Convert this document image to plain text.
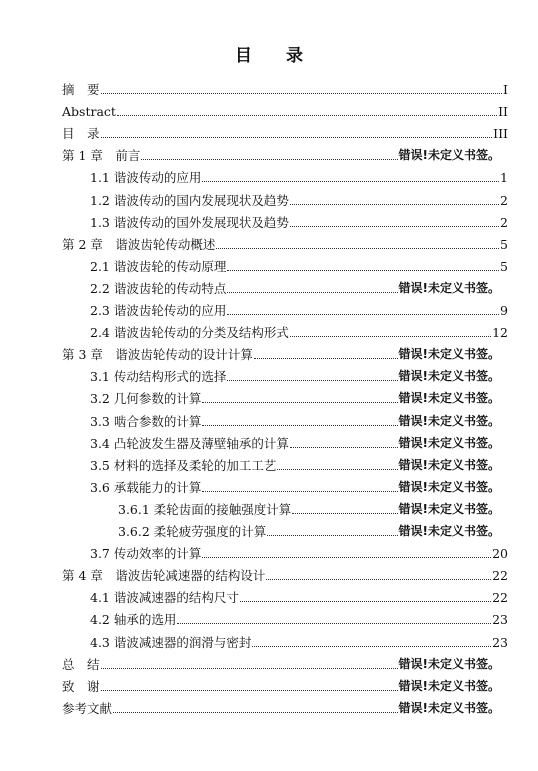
目 录
摘　要	I
Abstract	II
目　录	III
第 1 章　前言	错误!未定义书签。
1.1 谐波传动的应用	1
1.2 谐波传动的国内发展现状及趋势	2
1.3 谐波传动的国外发展现状及趋势	2
第 2 章　谐波齿轮传动概述	5
2.1 谐波齿轮的传动原理	5
2.2 谐波齿轮的传动特点	错误!未定义书签。
2.3 谐波齿轮传动的应用	9
2.4 谐波齿轮传动的分类及结构形式	12
第 3 章　谐波齿轮传动的设计计算	错误!未定义书签。
3.1 传动结构形式的选择	错误!未定义书签。
3.2 几何参数的计算	错误!未定义书签。
3.3 啮合参数的计算	错误!未定义书签。
3.4 凸轮波发生器及薄壁轴承的计算	错误!未定义书签。
3.5 材料的选择及柔轮的加工工艺	错误!未定义书签。
3.6 承载能力的计算	错误!未定义书签。
3.6.1 柔轮齿面的接触强度计算	错误!未定义书签。
3.6.2 柔轮疲劳强度的计算	错误!未定义书签。
3.7 传动效率的计算	20
第 4 章　谐波齿轮减速器的结构设计	22
4.1 谐波减速器的结构尺寸	22
4.2 轴承的选用	23
4.3 谐波减速器的润滑与密封	23
总　结	错误!未定义书签。
致　谢	错误!未定义书签。
参考文献	错误!未定义书签。
